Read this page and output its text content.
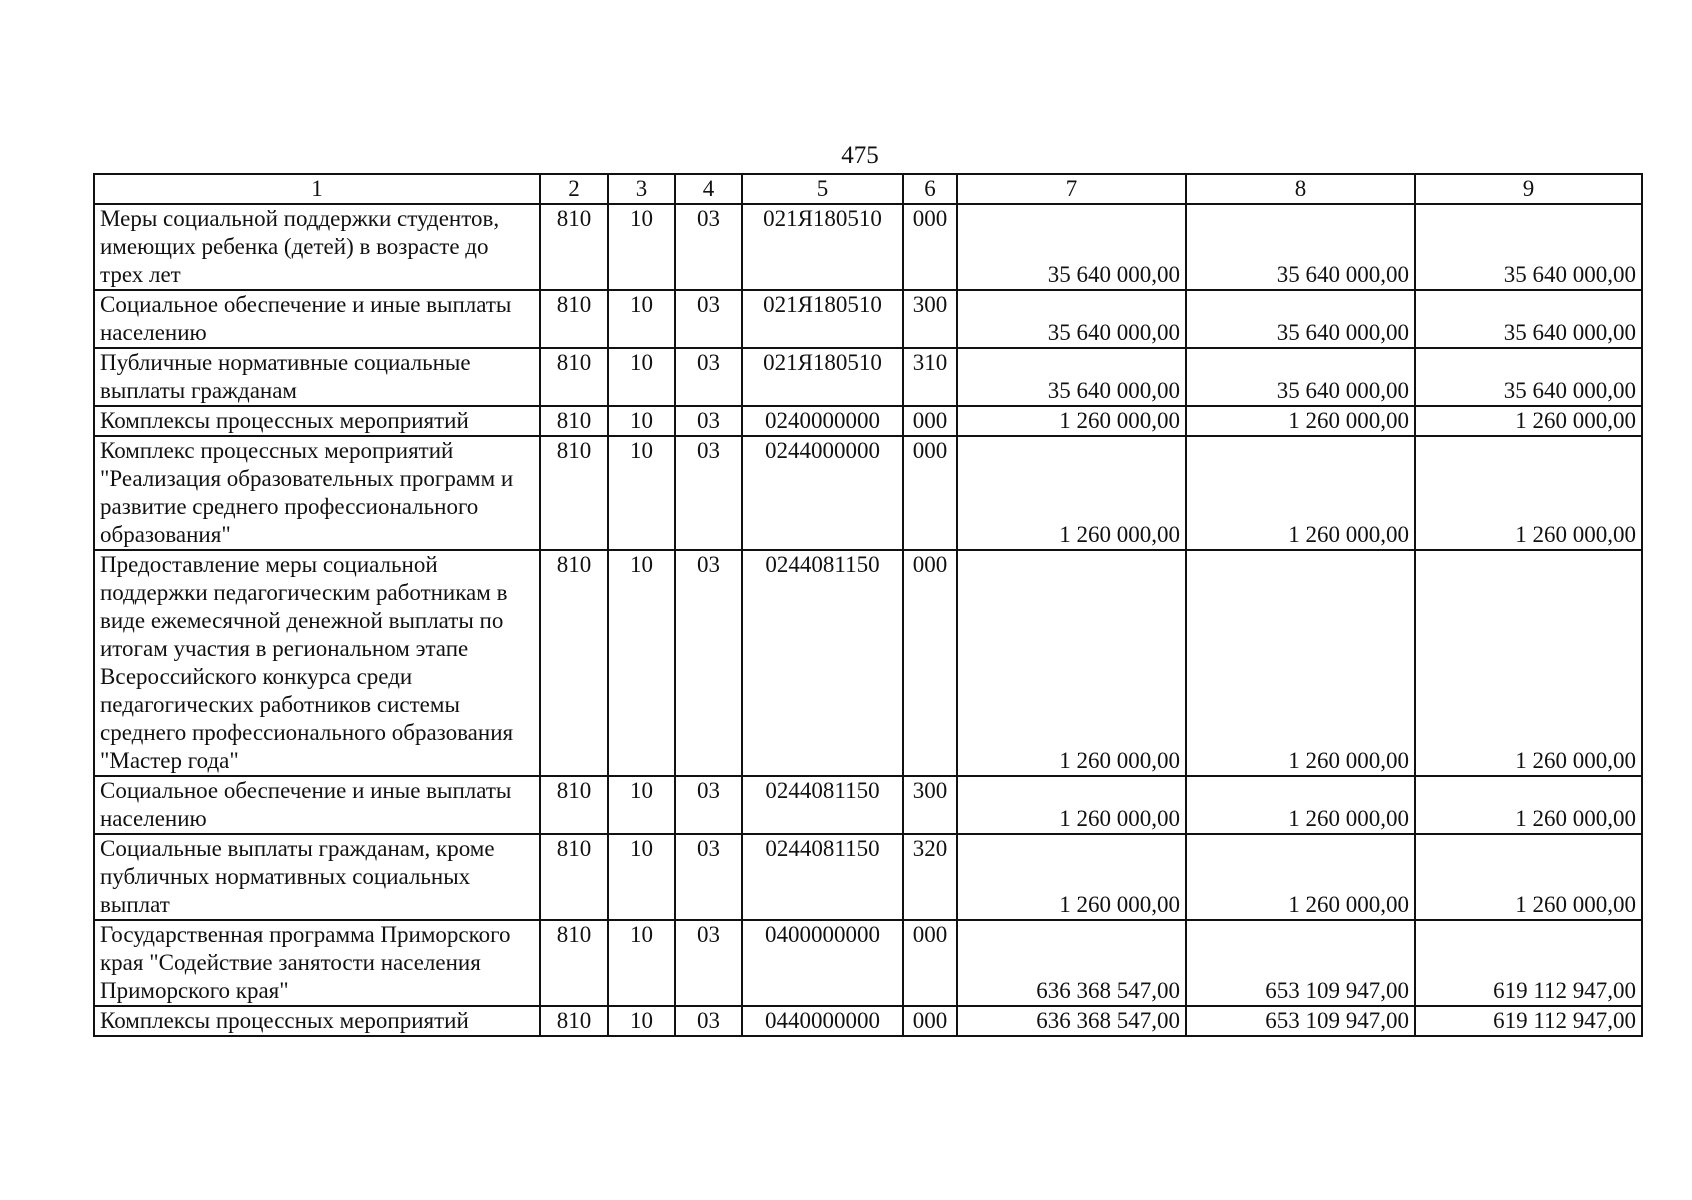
475
1	2	3	4	5	6	7	8	9
Меры социальной поддержки студентов, имеющих ребенка (детей) в возрасте до трех лет	810	10	03	021Я180510	000	35 640 000,00	35 640 000,00	35 640 000,00
Социальное обеспечение и иные выплаты населению	810	10	03	021Я180510	300	35 640 000,00	35 640 000,00	35 640 000,00
Публичные нормативные социальные выплаты гражданам	810	10	03	021Я180510	310	35 640 000,00	35 640 000,00	35 640 000,00
Комплексы процессных мероприятий	810	10	03	0240000000	000	1 260 000,00	1 260 000,00	1 260 000,00
Комплекс процессных мероприятий "Реализация образовательных программ и развитие среднего профессионального образования"	810	10	03	0244000000	000	1 260 000,00	1 260 000,00	1 260 000,00
Предоставление меры социальной поддержки педагогическим работникам в виде ежемесячной денежной выплаты по итогам участия в региональном этапе Всероссийского конкурса среди педагогических работников системы среднего профессионального образования "Мастер года"	810	10	03	0244081150	000	1 260 000,00	1 260 000,00	1 260 000,00
Социальное обеспечение и иные выплаты населению	810	10	03	0244081150	300	1 260 000,00	1 260 000,00	1 260 000,00
Социальные выплаты гражданам, кроме публичных нормативных социальных выплат	810	10	03	0244081150	320	1 260 000,00	1 260 000,00	1 260 000,00
Государственная программа Приморского края "Содействие занятости населения Приморского края"	810	10	03	0400000000	000	636 368 547,00	653 109 947,00	619 112 947,00
Комплексы процессных мероприятий	810	10	03	0440000000	000	636 368 547,00	653 109 947,00	619 112 947,00
